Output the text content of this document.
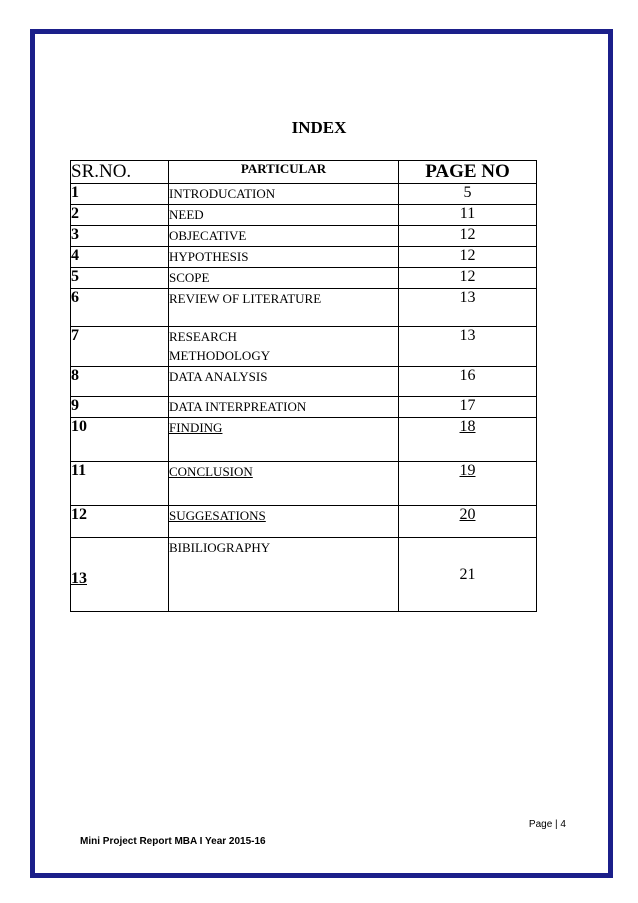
INDEX
SR.NO.	PARTICULAR	PAGE NO
1	INTRODUCATION	5
2	NEED	11
3	OBJECATIVE	12
4	HYPOTHESIS	12
5	SCOPE	12
6	REVIEW OF LITERATURE	13
7	RESEARCH METHODOLOGY	13
8	DATA ANALYSIS	16
9	DATA INTERPREATION	17
10	FINDING	18
11	CONCLUSION	19
12	SUGGESATIONS	20
13	BIBILIOGRAPHY	21
Page | 4
Mini Project Report MBA I Year 2015-16
